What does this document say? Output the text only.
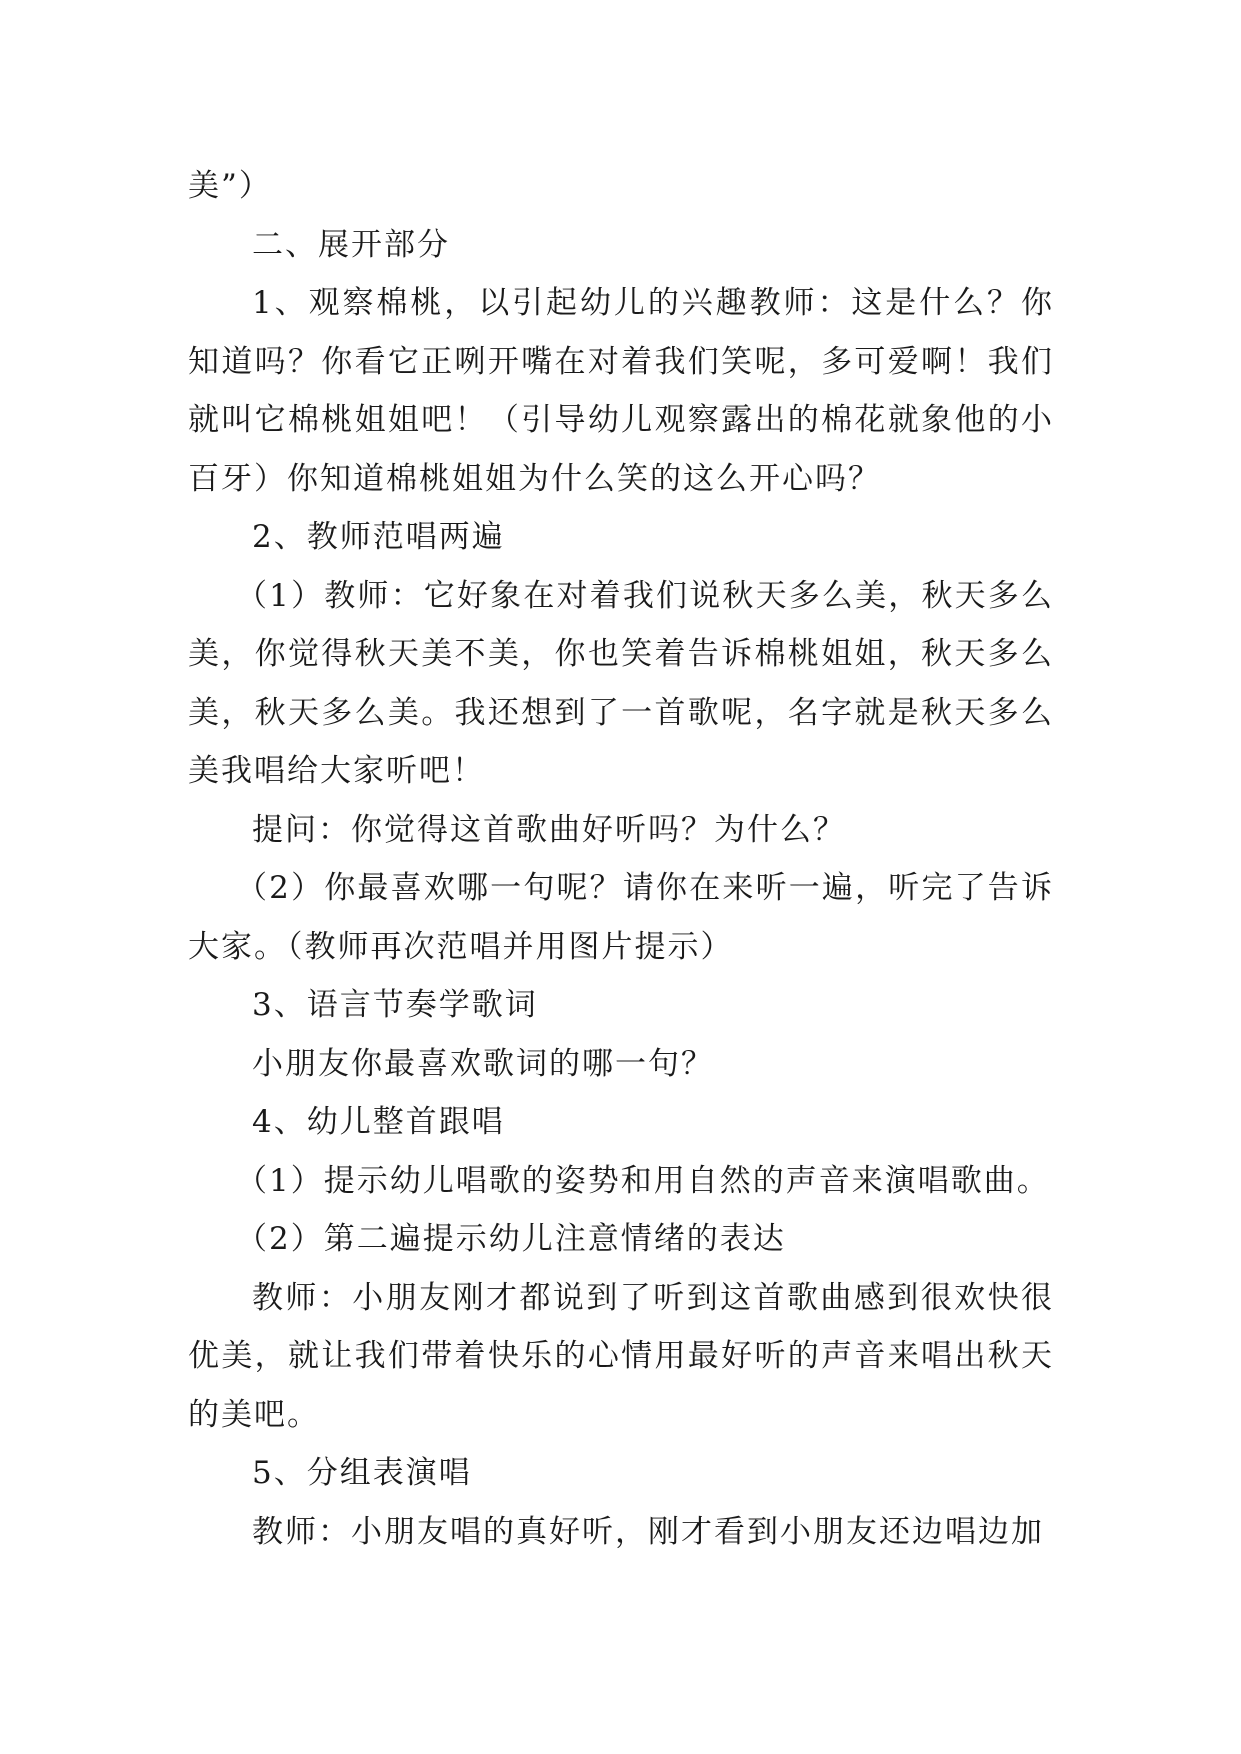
美”）

二、展开部分

1、观察棉桃，以引起幼儿的兴趣教师：这是什么？你知道吗？你看它正咧开嘴在对着我们笑呢，多可爱啊！我们就叫它棉桃姐姐吧！（引导幼儿观察露出的棉花就象他的小百牙）你知道棉桃姐姐为什么笑的这么开心吗？

2、教师范唱两遍

（1）教师：它好象在对着我们说秋天多么美，秋天多么美，你觉得秋天美不美，你也笑着告诉棉桃姐姐，秋天多么美，秋天多么美。我还想到了一首歌呢，名字就是秋天多么美我唱给大家听吧！

提问：你觉得这首歌曲好听吗？为什么？

（2）你最喜欢哪一句呢？请你在来听一遍，听完了告诉大家。（教师再次范唱并用图片提示）

3、语言节奏学歌词

小朋友你最喜欢歌词的哪一句？

4、幼儿整首跟唱

（1）提示幼儿唱歌的姿势和用自然的声音来演唱歌曲。

（2）第二遍提示幼儿注意情绪的表达

教师：小朋友刚才都说到了听到这首歌曲感到很欢快很优美，就让我们带着快乐的心情用最好听的声音来唱出秋天的美吧。

5、分组表演唱

教师：小朋友唱的真好听，刚才看到小朋友还边唱边加
